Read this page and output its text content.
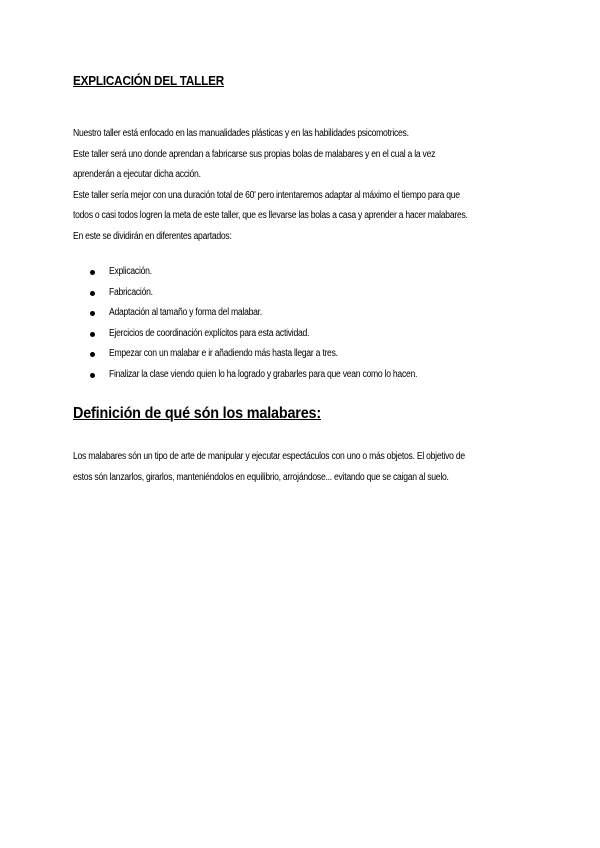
EXPLICACIÓN DEL TALLER
Nuestro taller está enfocado en las manualidades plásticas y en las habilidades psicomotrices.
Este taller será uno donde aprendan a fabricarse sus propias bolas de malabares y en el cual a la vez
aprenderán a ejecutar dicha acción.
Este taller sería mejor con una duración total de 60' pero intentaremos adaptar al máximo el tiempo para que
todos o casi todos logren la meta de este taller, que es llevarse las bolas a casa y aprender a hacer malabares.
En este se dividirán en diferentes apartados:
Explicación.
Fabricación.
Adaptación al tamaño y forma del malabar.
Ejercicios de coordinación explícitos para esta actividad.
Empezar con un malabar e ir añadiendo más hasta llegar a tres.
Finalizar la clase viendo quien lo ha logrado y grabarles para que vean como lo hacen.
Definición de qué són los malabares:
Los malabares són un tipo de arte de manipular y ejecutar espectáculos con uno o más objetos. El objetivo de
estos són lanzarlos, girarlos, manteniéndolos en equilibrio, arrojándose... evitando que se caigan al suelo.
